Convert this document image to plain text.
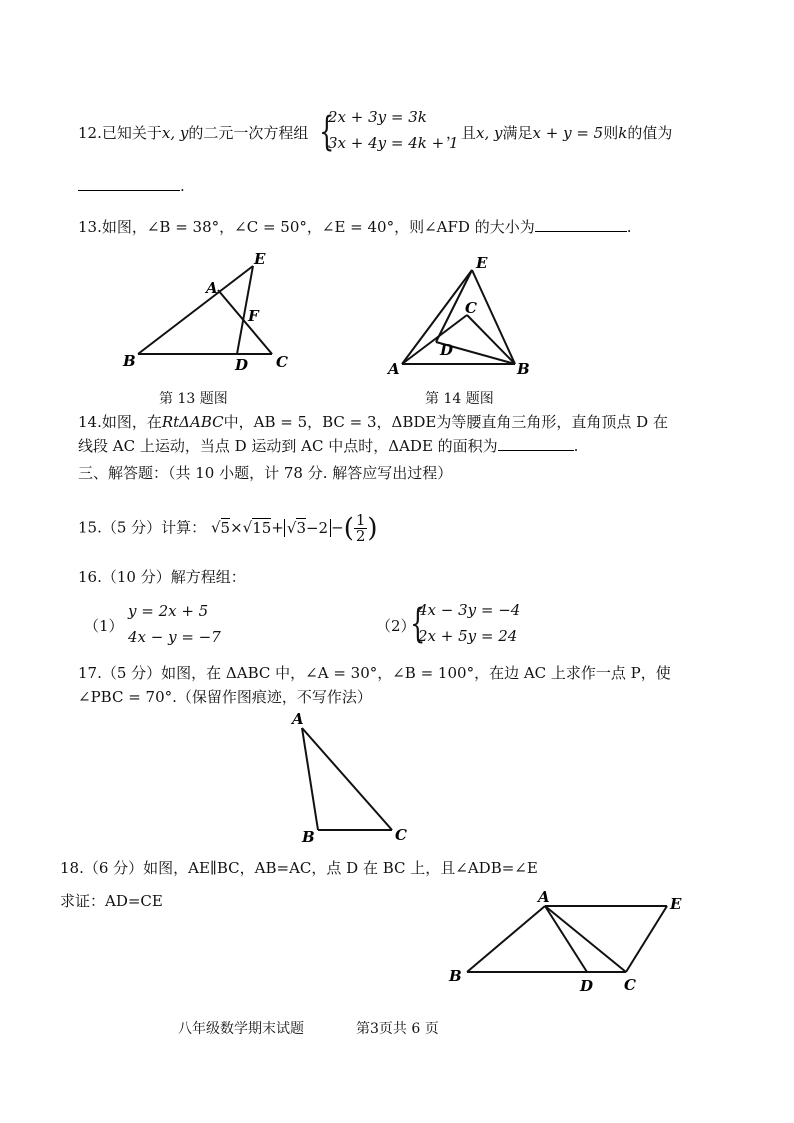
12.已知关于x, y的二元一次方程组 {
2x + 3y = 3k
3x + 4y = 4k + 1
，且x, y满足x + y = 5则k的值为
.
13.如图，∠B = 38°，∠C = 50°，∠E = 40°，则∠AFD 的大小为	.
A
B	C
D
E
F
第 13 题图
A	B
C
D
E
第 14 题图
14.如图，在RtΔABC中，AB = 5，BC = 3，ΔBDE为等腰直角三角形，直角顶点 D 在
线段 AC 上运动，当点 D 运动到 AC 中点时，ΔADE 的面积为	.
三、解答题：（共 10 小题，计 78 分. 解答应写出过程）
15.（5 分）计算： √5×√15+ √3−2 −( $\frac{1}{2}$ )
16.（10 分）解方程组：
（1）
y = 2x + 5
4x − y = −7
（2）
{
4x − 3y = −4
2x + 5y = 24
17.（5 分）如图，在 ΔABC 中，∠A = 30°，∠B = 100°，在边 AC 上求作一点 P，使
∠PBC = 70°.（保留作图痕迹，不写作法）
A
B	C
18.（6 分）如图，AE∥BC，AB=AC，点 D 在 BC 上，且∠ADB=∠E
求证：AD=CE	A
B	C
D
E
八年级数学期末试题	第3页共 6 页
